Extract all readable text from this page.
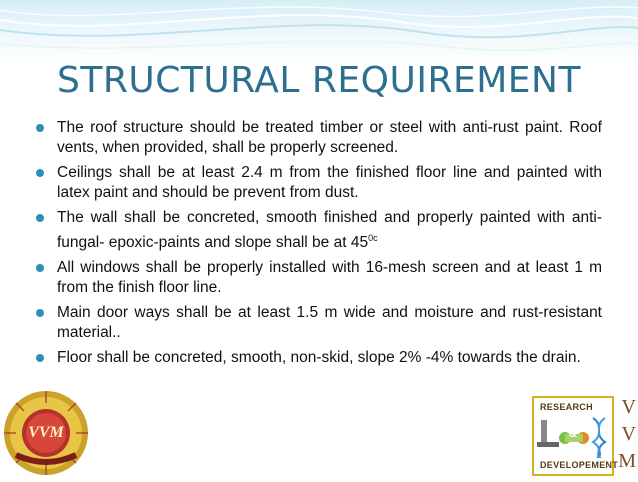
STRUCTURAL REQUIREMENT
The roof structure should be treated timber or steel with anti-rust paint. Roof vents, when provided, shall be properly screened.
Ceilings shall be at least 2.4 m from the finished floor line and painted with latex paint and should be prevent from dust.
The wall shall be concreted, smooth finished and properly painted with anti-fungal- epoxic-paints and slope shall be at $45^{0c}$
All windows shall be properly installed with 16-mesh screen and at least 1 m from the finish floor line.
Main door ways shall be at least 1.5 m wide and moisture and rust-resistant material..
Floor shall be concreted, smooth, non-skid, slope 2% -4% towards the drain.
VVM
RESEARCH
&
DEVELOPEMENT
V
V
M
